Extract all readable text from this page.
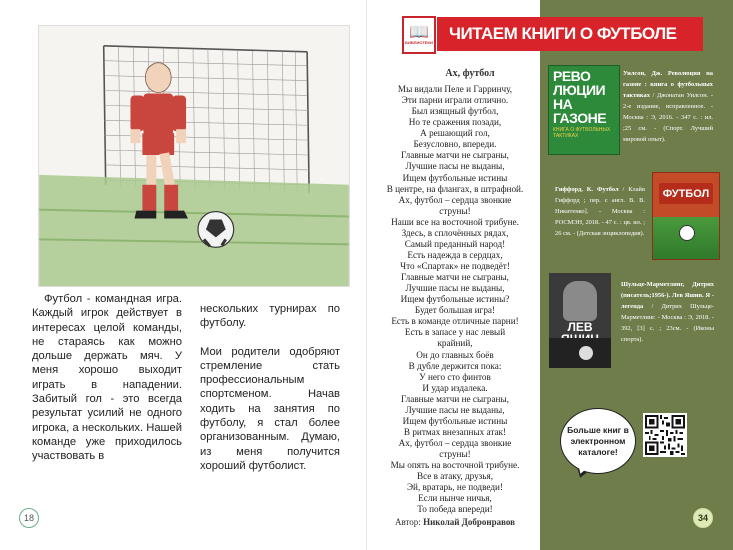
Футбол - командная игра. Каждый игрок действует в интересах целой команды, не стараясь как можно дольше держать мяч. У меня хорошо выходит играть в нападении. Забитый гол - это всегда результат усилий не одного игрока, а нескольких. Нашей команде уже приходилось участвовать в

нескольких турнирах по футболу.

Мои родители одобряют стремление стать профессиональным спортсменом. Начав ходить на занятия по футболу, я стал более организованным. Думаю, из меня получится хороший футболист.

18
📖
БИБЛИОТЕКИ ЧИТАЕМ КНИГИ О ФУТБОЛЕ
Ах, футбол
Мы видали Пеле и Гарринчу,
Эти парни играли отлично.
Был изящный футбол,
Но те сражения позади,
А решающий гол,
Безусловно, впереди.
Главные матчи не сыграны,
Лучшие пасы не выданы,
Ищем футбольные истины
В центре, на флангах, в штрафной.
Ах, футбол – сердца звонкие
струны!
Наши все на восточной трибуне.
Здесь, в сплочённых рядах,
Самый преданный народ!
Есть надежда в сердцах,
Что «Спартак» не подведёт!
Главные матчи не сыграны,
Лучшие пасы не выданы,
Ищем футбольные истины?
Будет большая игра!
Есть в команде отличные парни!
Есть в запасе у нас левый
крайний,
Он до главных боёв
В дубле держится пока:
У него сто финтов
И удар издалека.
Главные матчи не сыграны,
Лучшие пасы не выданы,
Ищем футбольные истины
В ритмах внезапных атак!
Ах, футбол – сердца звонкие
струны!
Мы опять на восточной трибуне.
Все в атаку, друзья,
Эй, вратарь, не подведи!
Если нынче ничья,
То победа впереди!
Автор: Николай Добронравов
РЕВО
ЛЮЦИИ
НА
ГАЗОНЕ
КНИГА О ФУТБОЛЬНЫХ ТАКТИКАХ
Уилсон, Дж. Революция на газоне : книга о футбольных тактиках / Джонатан Уилсон. - 2-е издание, исправленное. - Москва : Э, 2016. - 347 с. : ил. ;25 см. - (Спорт. Лучший мировой опыт).
Гиффорд, К. Футбол / Клайв Гиффорд ; пер. с англ. В. В. Никитенко]. - Москва : РОСМЭН, 2018. - 47 с. : цв. ил. ; 26 см. - (Детская энциклопедия).
ФУТБОЛ
ЛЕВ

Шульце-Марметлинг, Дитрих (писатель;1956-). Лев Яшин. Я - легенда / Дитрих Шульце-Марметлинг. - Москва : Э, 2018. - 392, [3] с. ; 23см. - (Иконы спорта).
Больше книг в электронном каталоге!
34
